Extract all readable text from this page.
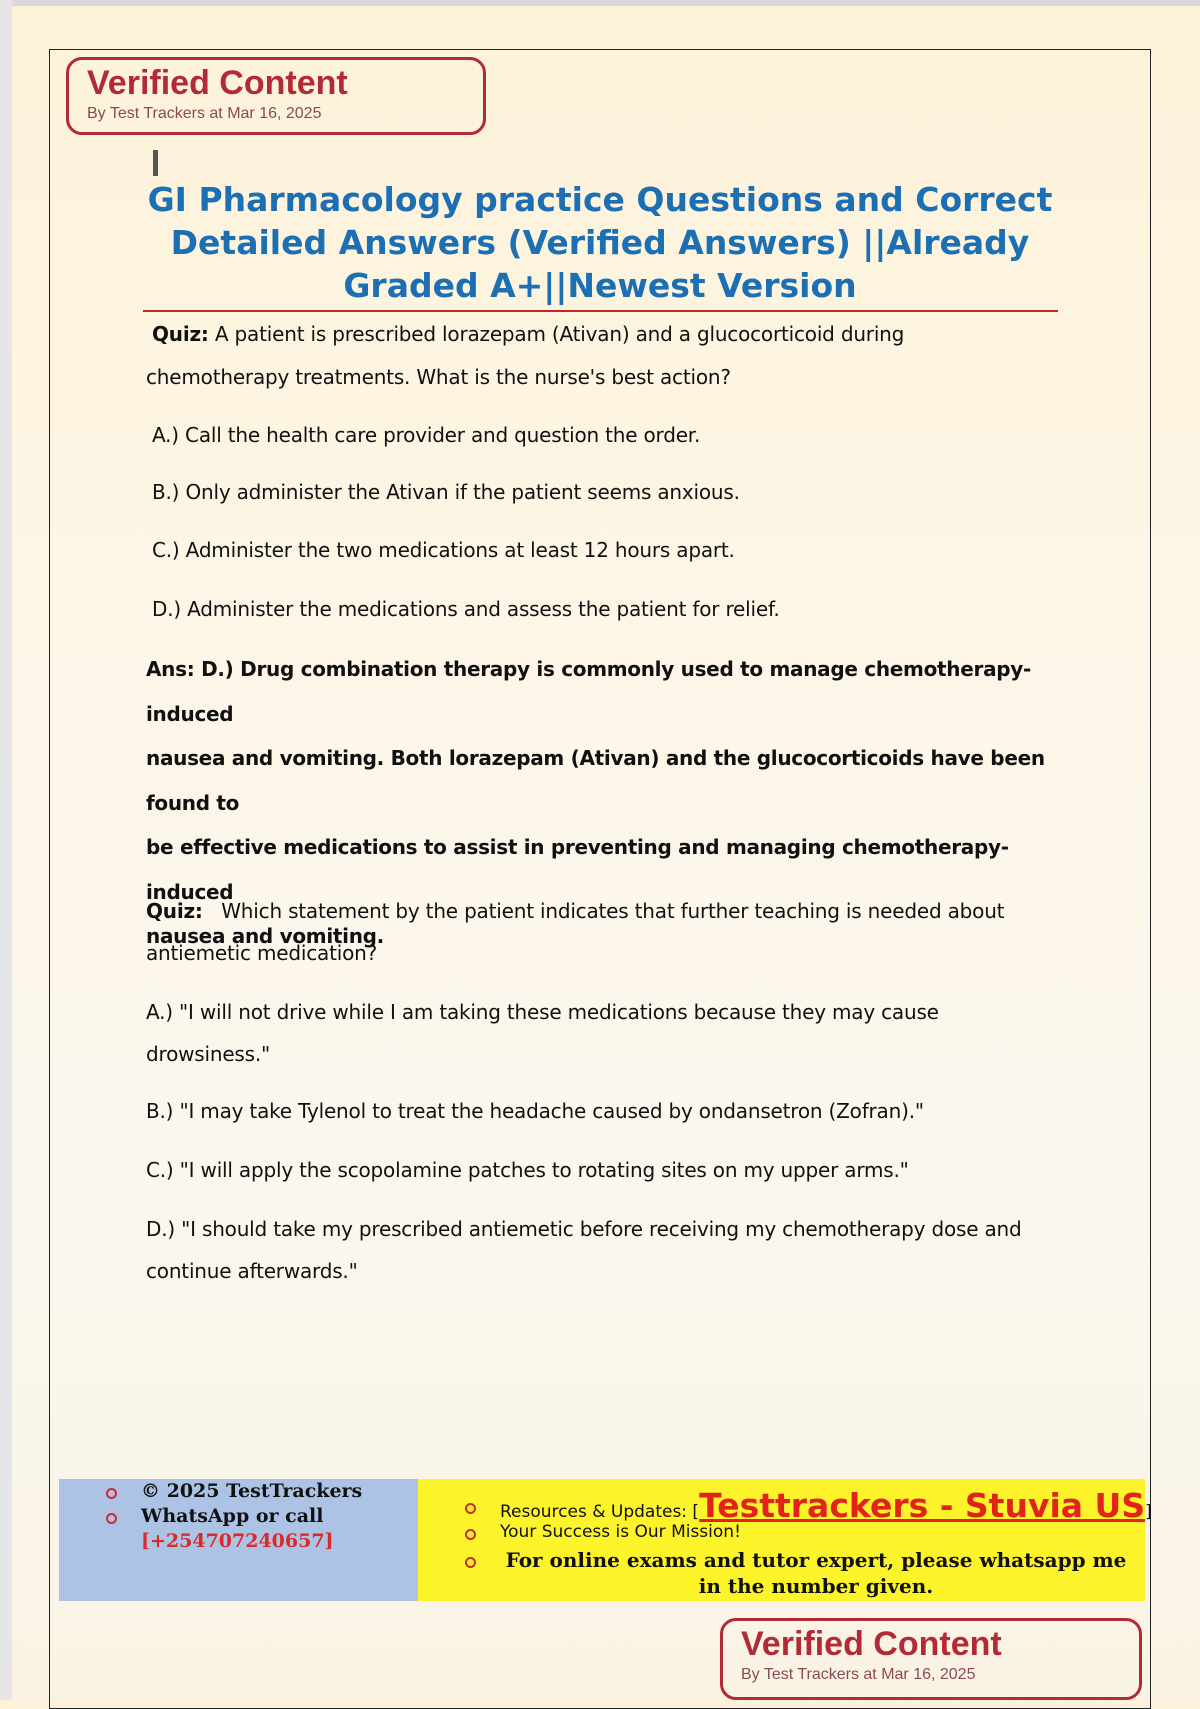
Verified Content
By Test Trackers at Mar 16, 2025
GI Pharmacology practice Questions and Correct
Detailed Answers (Verified Answers) ||Already
Graded A+||Newest Version
Quiz: A patient is prescribed lorazepam (Ativan) and a glucocorticoid during
chemotherapy treatments. What is the nurse's best action?
A.) Call the health care provider and question the order.
B.) Only administer the Ativan if the patient seems anxious.
C.) Administer the two medications at least 12 hours apart.
D.) Administer the medications and assess the patient for relief.
Ans: D.) Drug combination therapy is commonly used to manage chemotherapy-induced
nausea and vomiting. Both lorazepam (Ativan) and the glucocorticoids have been found to
be effective medications to assist in preventing and managing chemotherapy-induced
nausea and vomiting.
Quiz: Which statement by the patient indicates that further teaching is needed about
antiemetic medication?
A.) "I will not drive while I am taking these medications because they may cause
drowsiness."
B.) "I may take Tylenol to treat the headache caused by ondansetron (Zofran)."
C.) "I will apply the scopolamine patches to rotating sites on my upper arms."
D.) "I should take my prescribed antiemetic before receiving my chemotherapy dose and
continue afterwards."
© 2025 TestTrackers
WhatsApp or call
[+254707240657]
Resources & Updates: [Testtrackers - Stuvia US]
Your Success is Our Mission!
For online exams and tutor expert, please whatsapp me
in the number given.
Verified Content
By Test Trackers at Mar 16, 2025
